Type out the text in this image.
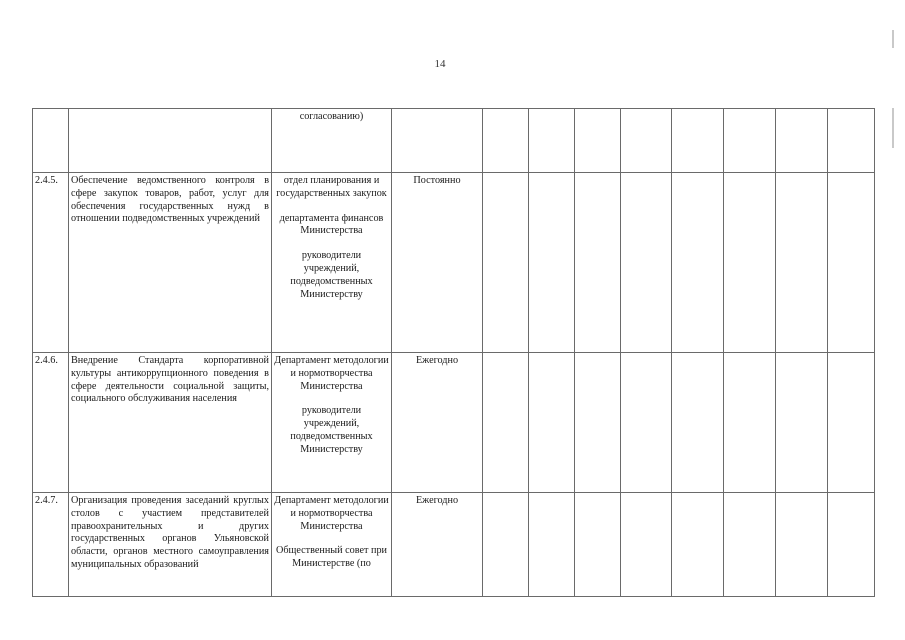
14

		согласованию)									

2.4.5.	Обеспечение ведомственного контроля в сфере закупок товаров, работ, услуг для обеспечения государственных нужд в отношении подведомственных учреждений	отдел планирования и государственных закупок
департамента финансов Министерства
руководители учреждений, подведомственных Министерству	Постоянно								
2.4.6.	Внедрение Стандарта корпоративной культуры антикоррупционного поведения в сфере деятельности социальной защиты, социального обслуживания населения	Департамент методологии и нормотворчества Министерства
руководители учреждений, подведомственных Министерству	Ежегодно								
2.4.7.	Организация проведения заседаний круглых столов с участием представителей правоохранительных и других государственных органов Ульяновской области, органов местного самоуправления муниципальных образований	Департамент методологии и нормотворчества Министерства
Общественный совет при Министерстве (по	Ежегодно								
